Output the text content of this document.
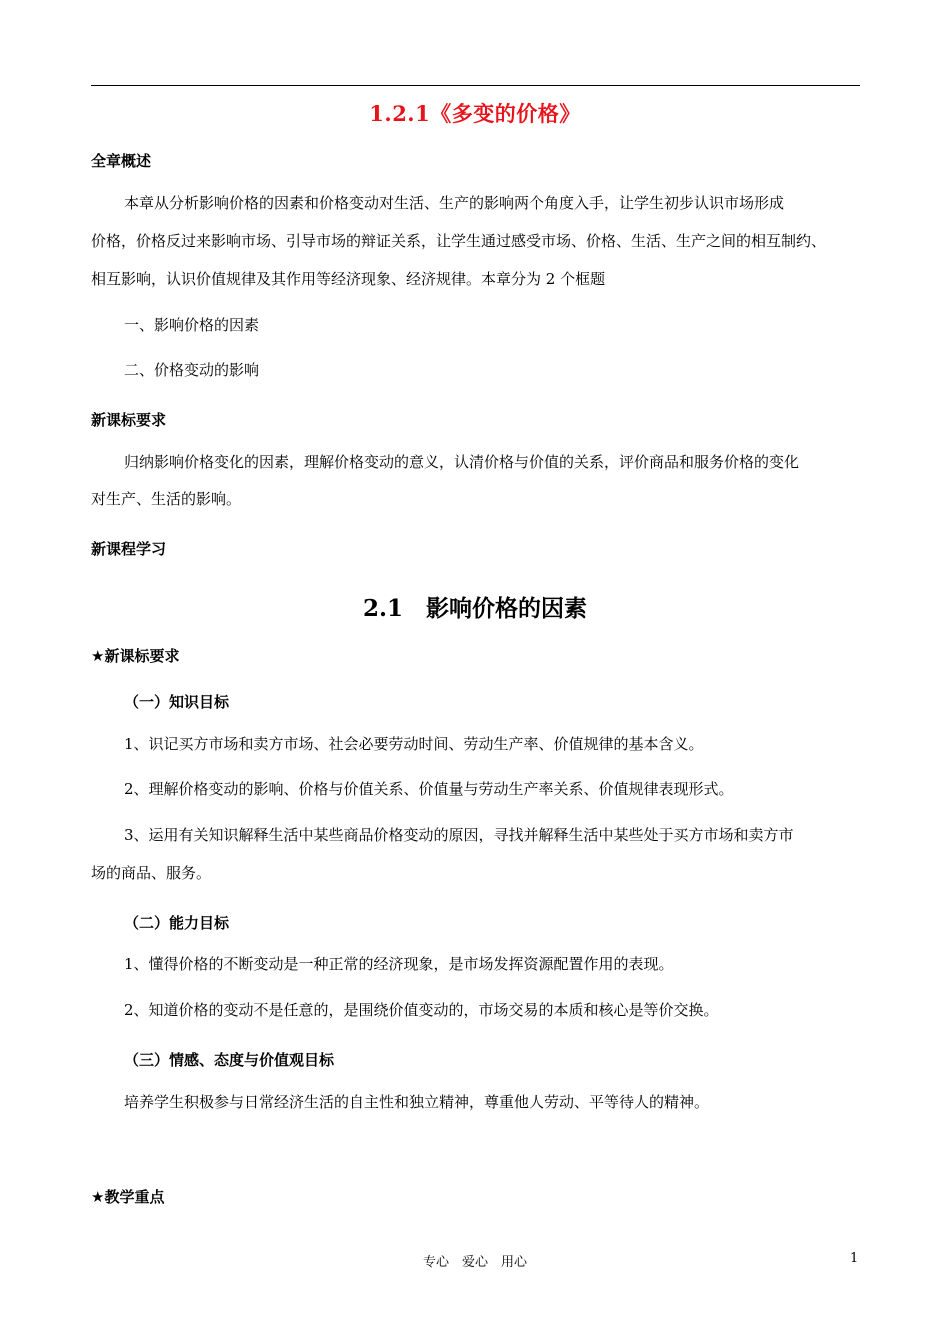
1.2.1《多变的价格》
全章概述
本章从分析影响价格的因素和价格变动对生活、生产的影响两个角度入手，让学生初步认识市场形成
价格，价格反过来影响市场、引导市场的辩证关系，让学生通过感受市场、价格、生活、生产之间的相互制约、
相互影响，认识价值规律及其作用等经济现象、经济规律。本章分为 2 个框题
一、影响价格的因素
二、价格变动的影响
新课标要求
归纳影响价格变化的因素，理解价格变动的意义，认清价格与价值的关系，评价商品和服务价格的变化
对生产、生活的影响。
新课程学习
2.1　影响价格的因素
★新课标要求
（一）知识目标
1、识记买方市场和卖方市场、社会必要劳动时间、劳动生产率、价值规律的基本含义。
2、理解价格变动的影响、价格与价值关系、价值量与劳动生产率关系、价值规律表现形式。
3、运用有关知识解释生活中某些商品价格变动的原因，寻找并解释生活中某些处于买方市场和卖方市
场的商品、服务。
（二）能力目标
1、懂得价格的不断变动是一种正常的经济现象，是市场发挥资源配置作用的表现。
2、知道价格的变动不是任意的，是围绕价值变动的，市场交易的本质和核心是等价交换。
（三）情感、态度与价值观目标
培养学生积极参与日常经济生活的自主性和独立精神，尊重他人劳动、平等待人的精神。
★教学重点
专心　爱心　用心	1
